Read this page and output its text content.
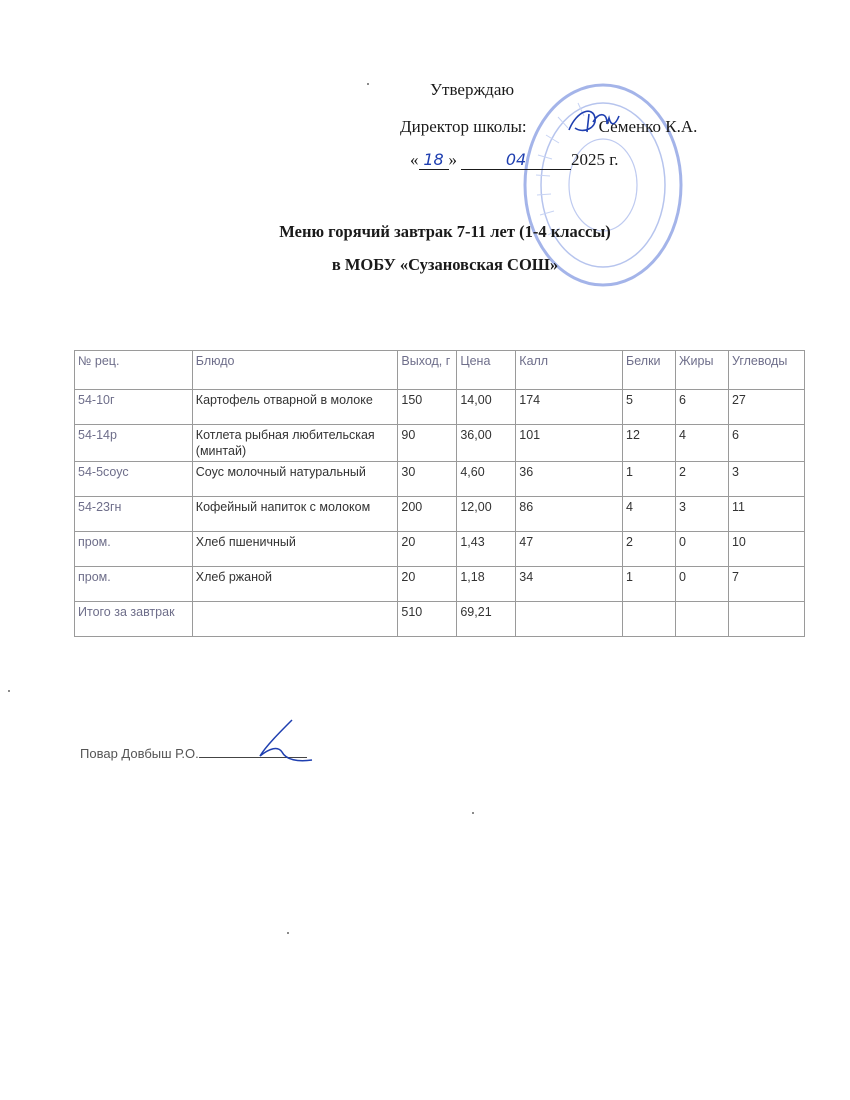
Утверждаю
Директор школы:	Семенко К.А.
« 18 »	04	2025 г.
Меню горячий завтрак 7-11 лет (1-4 классы)
в МОБУ «Сузановская СОШ»
№ рец.	Блюдо	Выход, г	Цена	Калл	Белки	Жиры	Углеводы
54-10г	Картофель отварной в молоке	150	14,00	174	5	6	27
54-14р	Котлета рыбная любительская (минтай)	90	36,00	101	12	4	6
54-5соус	Соус молочный натуральный	30	4,60	36	1	2	3
54-23гн	Кофейный напиток с молоком	200	12,00	86	4	3	11
пром.	Хлеб пшеничный	20	1,43	47	2	0	10
пром.	Хлеб ржаной	20	1,18	34	1	0	7
Итого за завтрак		510	69,21				
Повар Довбыш Р.О.
